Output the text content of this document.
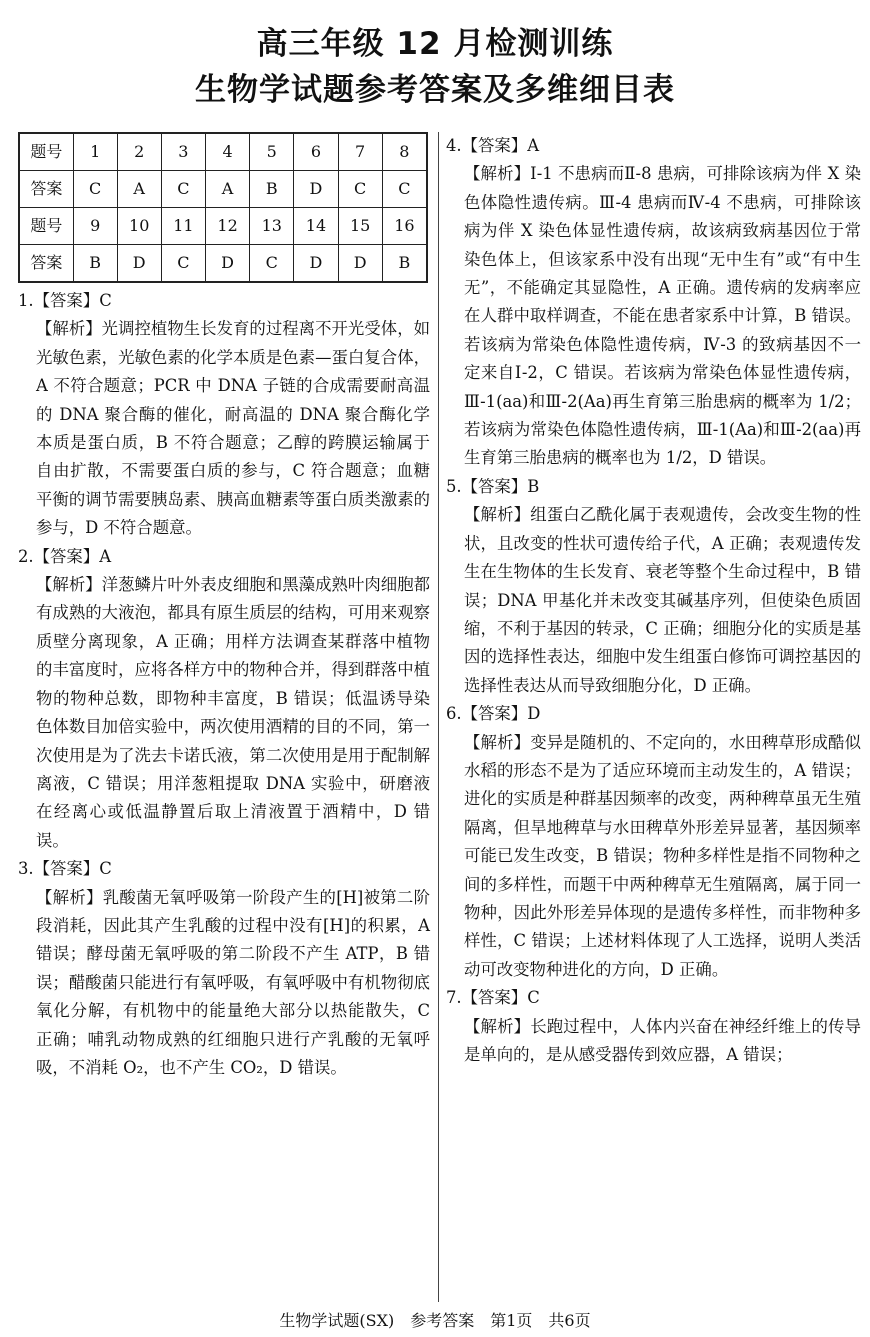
高三年级 12 月检测训练
生物学试题参考答案及多维细目表
题号	1	2	3	4	5	6	7	8
答案	C	A	C	A	B	D	C	C
题号	9	10	11	12	13	14	15	16
答案	B	D	C	D	C	D	D	B
1.【答案】C
【解析】光调控植物生长发育的过程离不开光受体，如光敏色素，光敏色素的化学本质是色素—蛋白复合体，A 不符合题意；PCR 中 DNA 子链的合成需要耐高温的 DNA 聚合酶的催化，耐高温的 DNA 聚合酶化学本质是蛋白质，B 不符合题意；乙醇的跨膜运输属于自由扩散，不需要蛋白质的参与，C 符合题意；血糖平衡的调节需要胰岛素、胰高血糖素等蛋白质类激素的参与，D 不符合题意。
2.【答案】A
【解析】洋葱鳞片叶外表皮细胞和黑藻成熟叶肉细胞都有成熟的大液泡，都具有原生质层的结构，可用来观察质壁分离现象，A 正确；用样方法调查某群落中植物的丰富度时，应将各样方中的物种合并，得到群落中植物的物种总数，即物种丰富度，B 错误；低温诱导染色体数目加倍实验中，两次使用酒精的目的不同，第一次使用是为了洗去卡诺氏液，第二次使用是用于配制解离液，C 错误；用洋葱粗提取 DNA 实验中，研磨液在经离心或低温静置后取上清液置于酒精中，D 错误。
3.【答案】C
【解析】乳酸菌无氧呼吸第一阶段产生的[H]被第二阶段消耗，因此其产生乳酸的过程中没有[H]的积累，A 错误；酵母菌无氧呼吸的第二阶段不产生 ATP，B 错误；醋酸菌只能进行有氧呼吸，有氧呼吸中有机物彻底氧化分解，有机物中的能量绝大部分以热能散失，C 正确；哺乳动物成熟的红细胞只进行产乳酸的无氧呼吸，不消耗 O₂，也不产生 CO₂，D 错误。
4.【答案】A
【解析】Ⅰ-1 不患病而Ⅱ-8 患病，可排除该病为伴 X 染色体隐性遗传病。Ⅲ-4 患病而Ⅳ-4 不患病，可排除该病为伴 X 染色体显性遗传病，故该病致病基因位于常染色体上，但该家系中没有出现“无中生有”或“有中生无”，不能确定其显隐性，A 正确。遗传病的发病率应在人群中取样调查，不能在患者家系中计算，B 错误。若该病为常染色体隐性遗传病，Ⅳ-3 的致病基因不一定来自Ⅰ-2，C 错误。若该病为常染色体显性遗传病，Ⅲ-1(aa)和Ⅲ-2(Aa)再生育第三胎患病的概率为 1/2；若该病为常染色体隐性遗传病，Ⅲ-1(Aa)和Ⅲ-2(aa)再生育第三胎患病的概率也为 1/2，D 错误。
5.【答案】B
【解析】组蛋白乙酰化属于表观遗传，会改变生物的性状，且改变的性状可遗传给子代，A 正确；表观遗传发生在生物体的生长发育、衰老等整个生命过程中，B 错误；DNA 甲基化并未改变其碱基序列，但使染色质固缩，不利于基因的转录，C 正确；细胞分化的实质是基因的选择性表达，细胞中发生组蛋白修饰可调控基因的选择性表达从而导致细胞分化，D 正确。
6.【答案】D
【解析】变异是随机的、不定向的，水田稗草形成酷似水稻的形态不是为了适应环境而主动发生的，A 错误；进化的实质是种群基因频率的改变，两种稗草虽无生殖隔离，但旱地稗草与水田稗草外形差异显著，基因频率可能已发生改变，B 错误；物种多样性是指不同物种之间的多样性，而题干中两种稗草无生殖隔离，属于同一物种，因此外形差异体现的是遗传多样性，而非物种多样性，C 错误；上述材料体现了人工选择，说明人类活动可改变物种进化的方向，D 正确。
7.【答案】C
【解析】长跑过程中，人体内兴奋在神经纤维上的传导是单向的，是从感受器传到效应器，A 错误；
生物学试题(SX)　参考答案　第1页　共6页
